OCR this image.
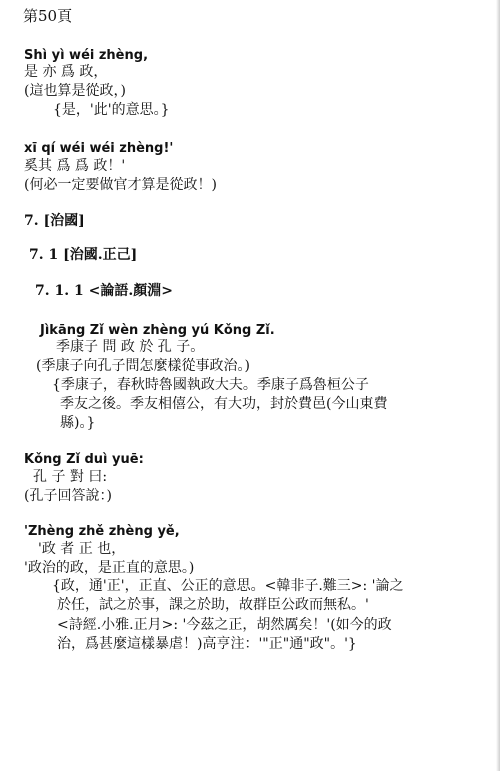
第50頁
Shì yì wéi zhèng,
是 亦 爲 政，
(這也算是從政，)
{是，'此'的意思。}
xī qí wéi wéi zhèng!'
奚其 爲 爲 政！'
(何必一定要做官才算是從政！)
7. [治國]
7. 1 [治國.正己]
7. 1. 1 <論語.顏淵>
Jìkāng Zǐ wèn zhèng yú Kǒng Zǐ.
季康子 問 政 於 孔 子。
(季康子向孔子問怎麼樣從事政治。)
{季康子，春秋時魯國執政大夫。季康子爲魯桓公子
季友之後。季友相僖公，有大功，封於費邑(今山東費
縣)。}
Kǒng Zǐ duì yuē:
孔 子 對 曰:
(孔子回答說：)
'Zhèng zhě zhèng yě,
'政 者 正 也，
'政治的政，是正直的意思。)
{政，通'正'，正直、公正的意思。<韓非子.難三>: '論之
於任，試之於事，課之於助，故群臣公政而無私。'
<詩經.小雅.正月>: '今茲之正，胡然厲矣！'(如今的政
治，爲甚麼這樣暴虐！)高亨注：'"正"通"政"。'}
